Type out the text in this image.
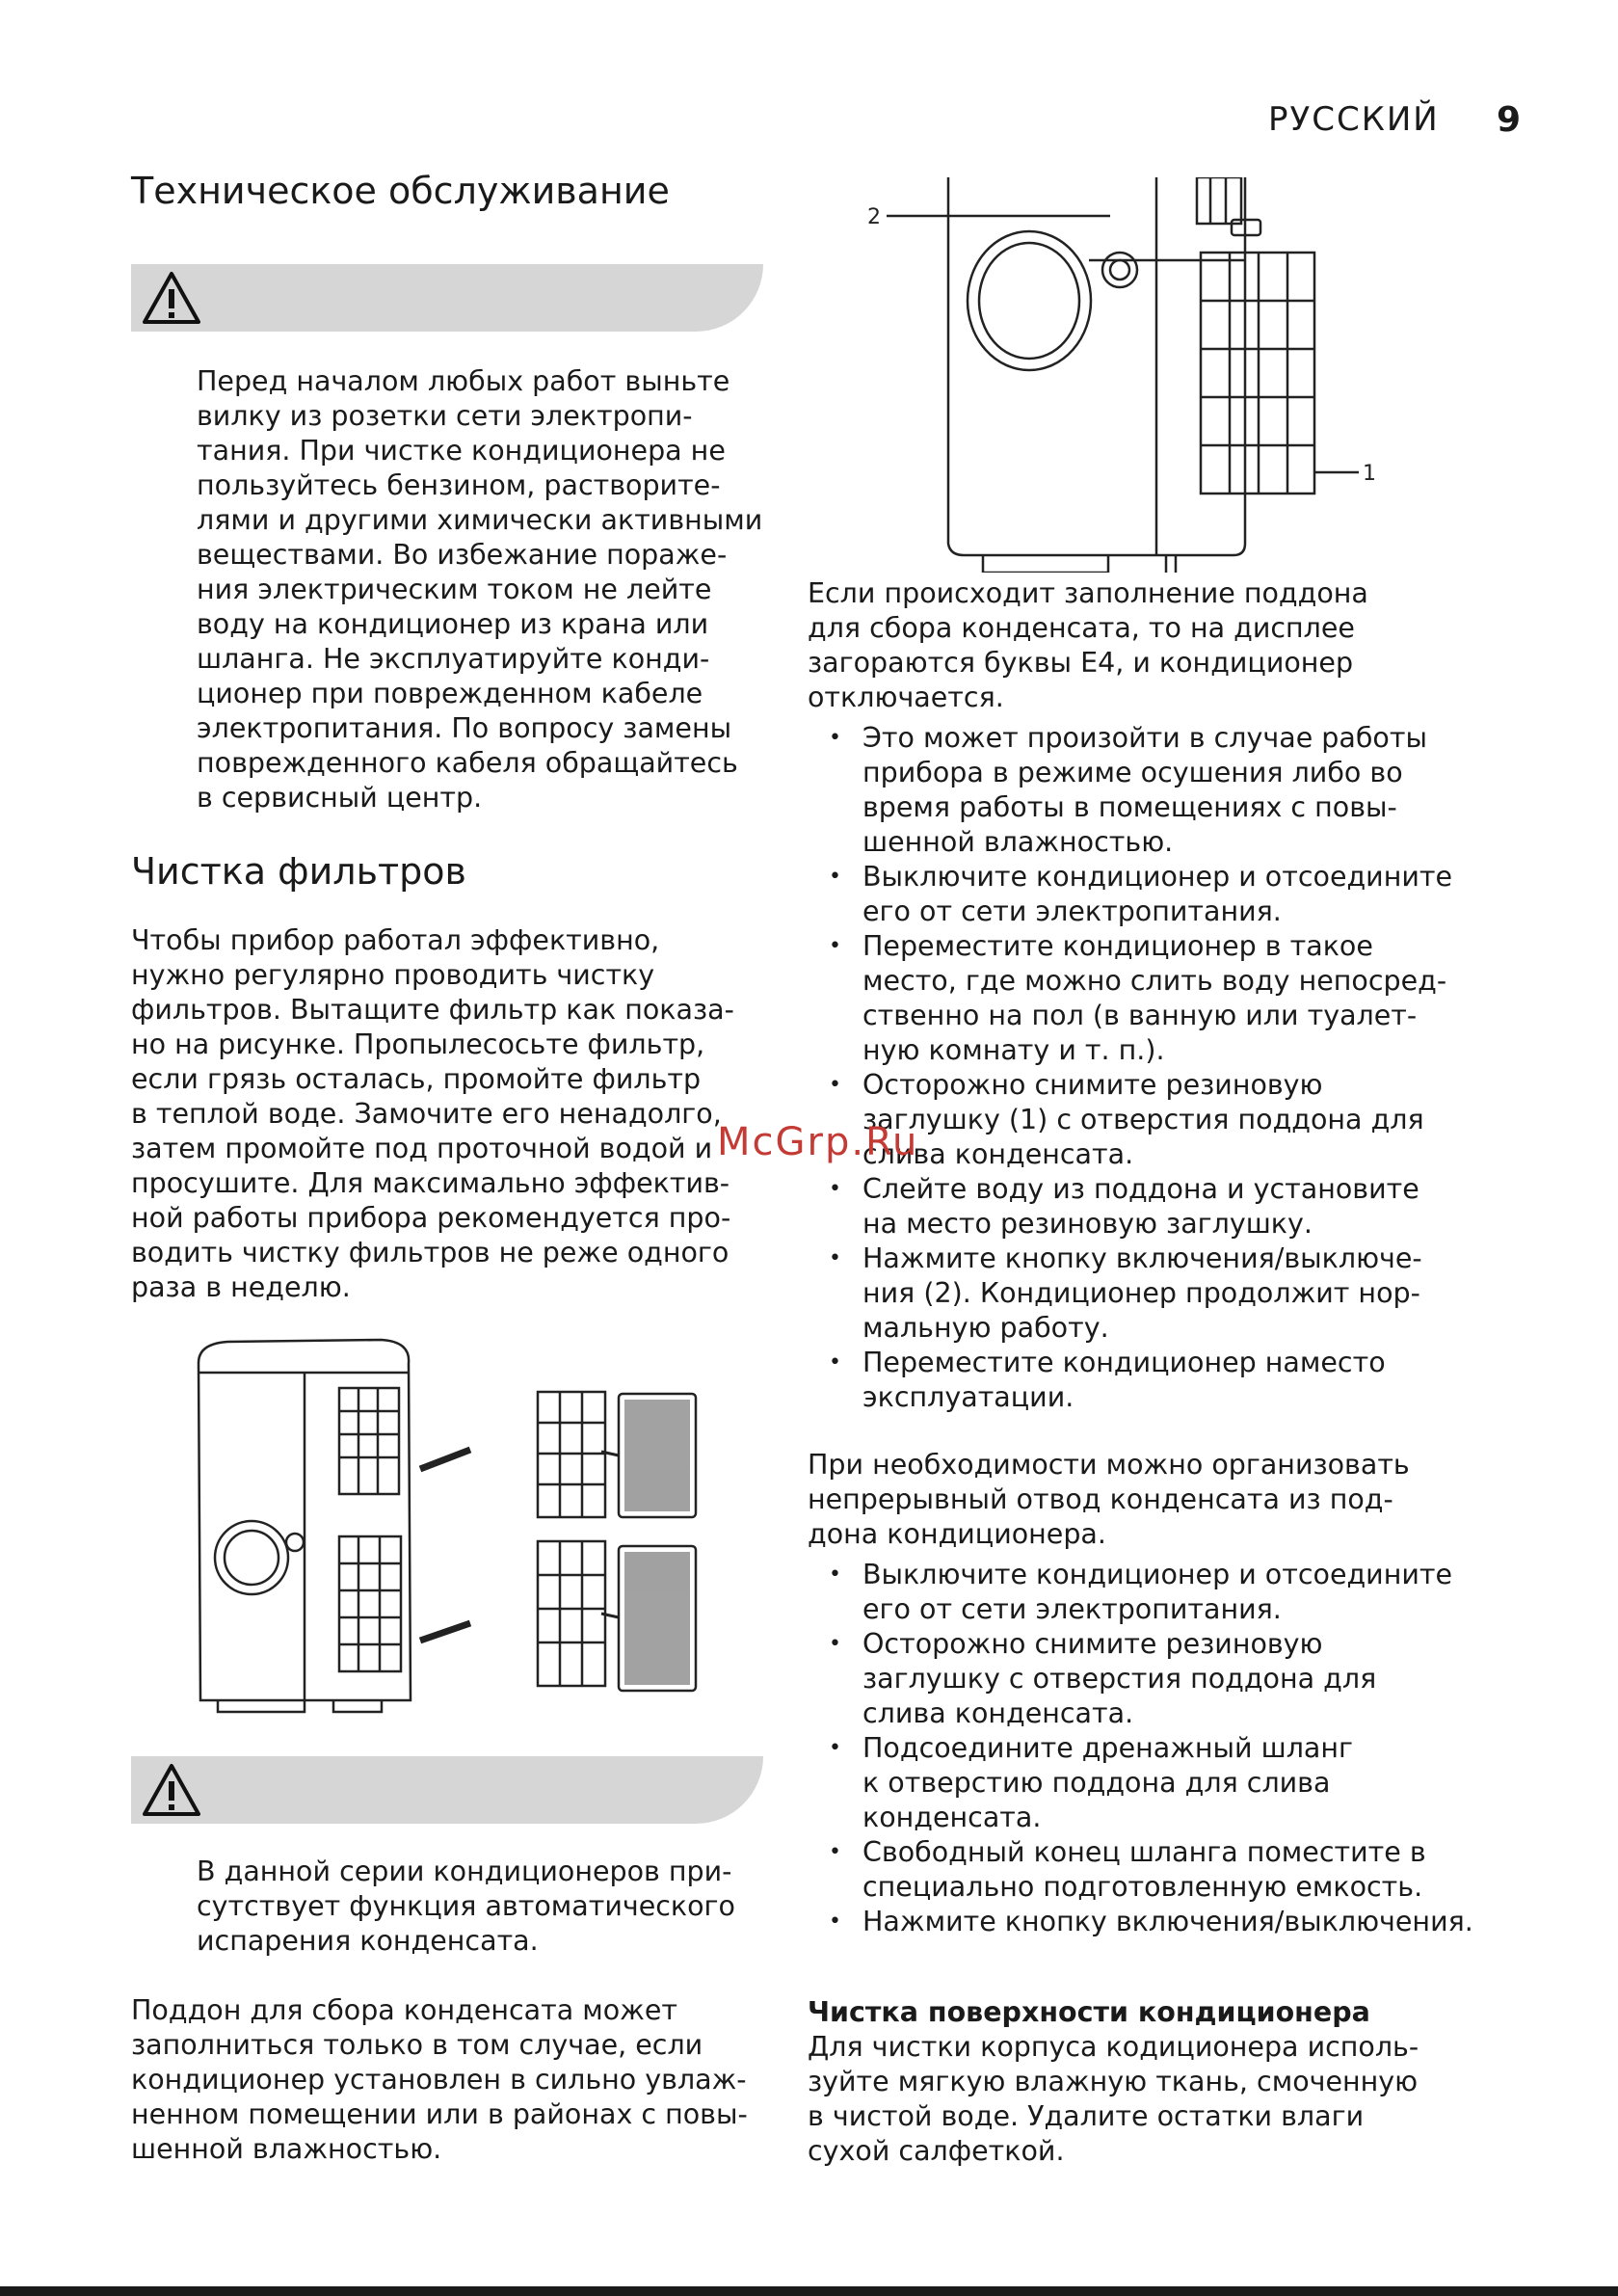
РУССКИЙ 9
Техническое обслуживание

Перед началом любых работ выньте
вилку из розетки сети электропи-
тания. При чистке кондиционера не
пользуйтесь бензином, растворите-
лями и другими химически активными
веществами. Во избежание пораже-
ния электрическим током не лейте
воду на кондиционер из крана или
шланга. Не эксплуатируйте конди-
ционер при поврежденном кабеле
электропитания. По вопросу замены
поврежденного кабеля обращайтесь
в сервисный центр.

Чистка фильтров

Чтобы прибор работал эффективно,
нужно регулярно проводить чистку
фильтров. Вытащите фильтр как показа-
но на рисунке. Пропылесосьте фильтр,
если грязь осталась, промойте фильтр
в теплой воде. Замочите его ненадолго,
затем промойте под проточной водой и
просушите. Для максимально эффектив-
ной работы прибора рекомендуется про-
водить чистку фильтров не реже одного
раза в неделю.

В данной серии кондиционеров при-
сутствует функция автоматического
испарения конденсата.

Поддон для сбора конденсата может
заполниться только в том случае, если
кондиционер установлен в сильно увлаж-
ненном помещении или в районах с повы-
шенной влажностью.

2
1

Если происходит заполнение поддона
для сбора конденсата, то на дисплее
загораются буквы E4, и кондиционер
отключается.

• Это может произойти в случае работы
прибора в режиме осушения либо во
время работы в помещениях с повы-
шенной влажностью.
• Выключите кондиционер и отсоедините
его от сети электропитания.
• Переместите кондиционер в такое
место, где можно слить воду непосред-
ственно на пол (в ванную или туалет-
ную комнату и т. п.).
• Осторожно снимите резиновую
заглушку (1) с отверстия поддона для
слива конденсата.
• Слейте воду из поддона и установите
на место резиновую заглушку.
• Нажмите кнопку включения/выключе-
ния (2). Кондиционер продолжит нор-
мальную работу.
• Переместите кондиционер наместо
эксплуатации.

При необходимости можно организовать
непрерывный отвод конденсата из под-
дона кондиционера.

• Выключите кондиционер и отсоедините
его от сети электропитания.
• Осторожно снимите резиновую
заглушку с отверстия поддона для
слива конденсата.
• Подсоедините дренажный шланг
к отверстию поддона для слива
конденсата.
• Свободный конец шланга поместите в
специально подготовленную емкость.
• Нажмите кнопку включения/выключения.

Чистка поверхности кондиционера

Для чистки корпуса кодиционера исполь-
зуйте мягкую влажную ткань, смоченную
в чистой воде. Удалите остатки влаги
сухой салфеткой.

McGrp.Ru
